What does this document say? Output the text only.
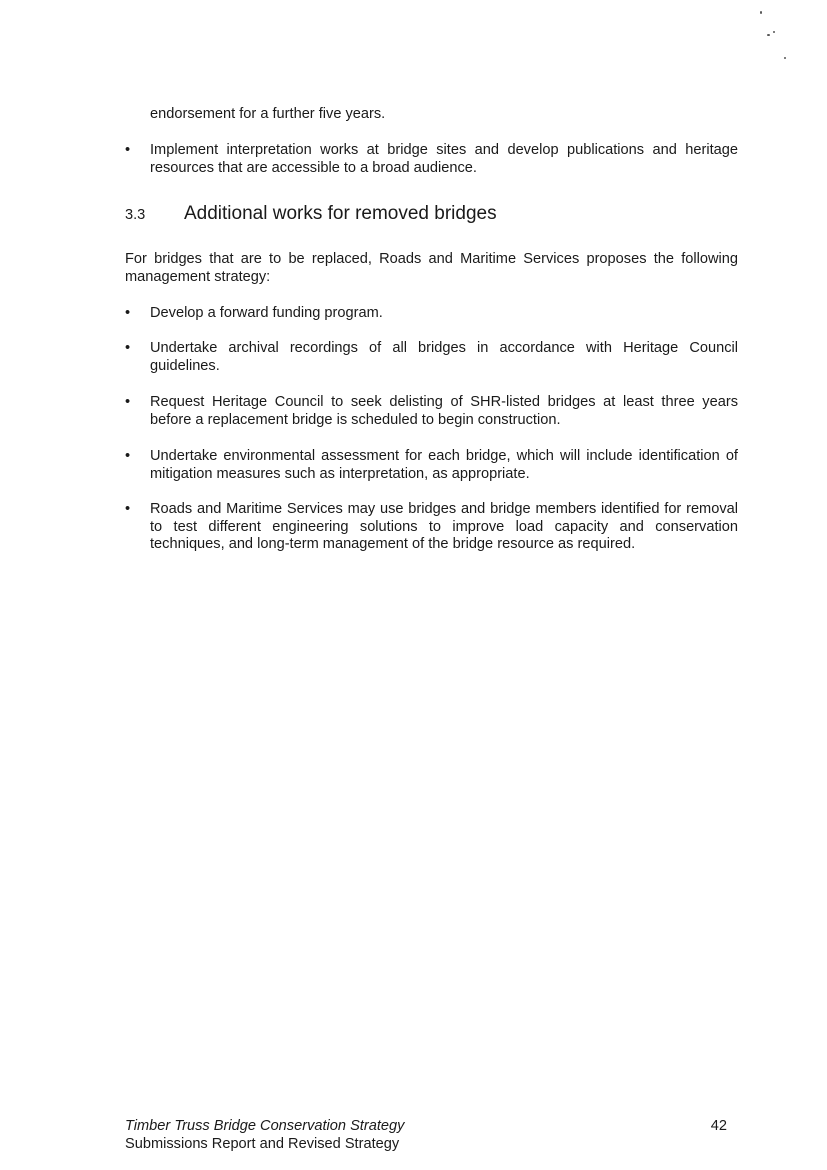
endorsement for a further five years.

•	Implement interpretation works at bridge sites and develop publications and heritage resources that are accessible to a broad audience.
3.3 Additional works for removed bridges

For bridges that are to be replaced, Roads and Maritime Services proposes the following management strategy:

•	Develop a forward funding program.
•	Undertake archival recordings of all bridges in accordance with Heritage Council guidelines.
•	Request Heritage Council to seek delisting of SHR-listed bridges at least three years before a replacement bridge is scheduled to begin construction.
•	Undertake environmental assessment for each bridge, which will include identification of mitigation measures such as interpretation, as appropriate.
•	Roads and Maritime Services may use bridges and bridge members identified for removal to test different engineering solutions to improve load capacity and conservation techniques, and long-term management of the bridge resource as required.
Timber Truss Bridge Conservation Strategy
Submissions Report and Revised Strategy
42
